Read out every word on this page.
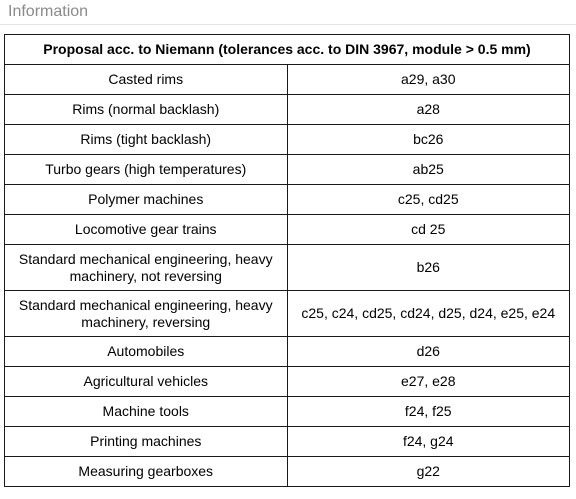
Information
Proposal acc. to Niemann (tolerances acc. to DIN 3967, module > 0.5 mm)	
Casted rims	a29, a30
Rims (normal backlash)	a28
Rims (tight backlash)	bc26
Turbo gears (high temperatures)	ab25
Polymer machines	c25, cd25
Locomotive gear trains	cd 25
Standard mechanical engineering, heavy machinery, not reversing	b26
Standard mechanical engineering, heavy machinery, reversing	c25, c24, cd25, cd24, d25, d24, e25, e24
Automobiles	d26
Agricultural vehicles	e27, e28
Machine tools	f24, f25
Printing machines	f24, g24
Measuring gearboxes	g22
